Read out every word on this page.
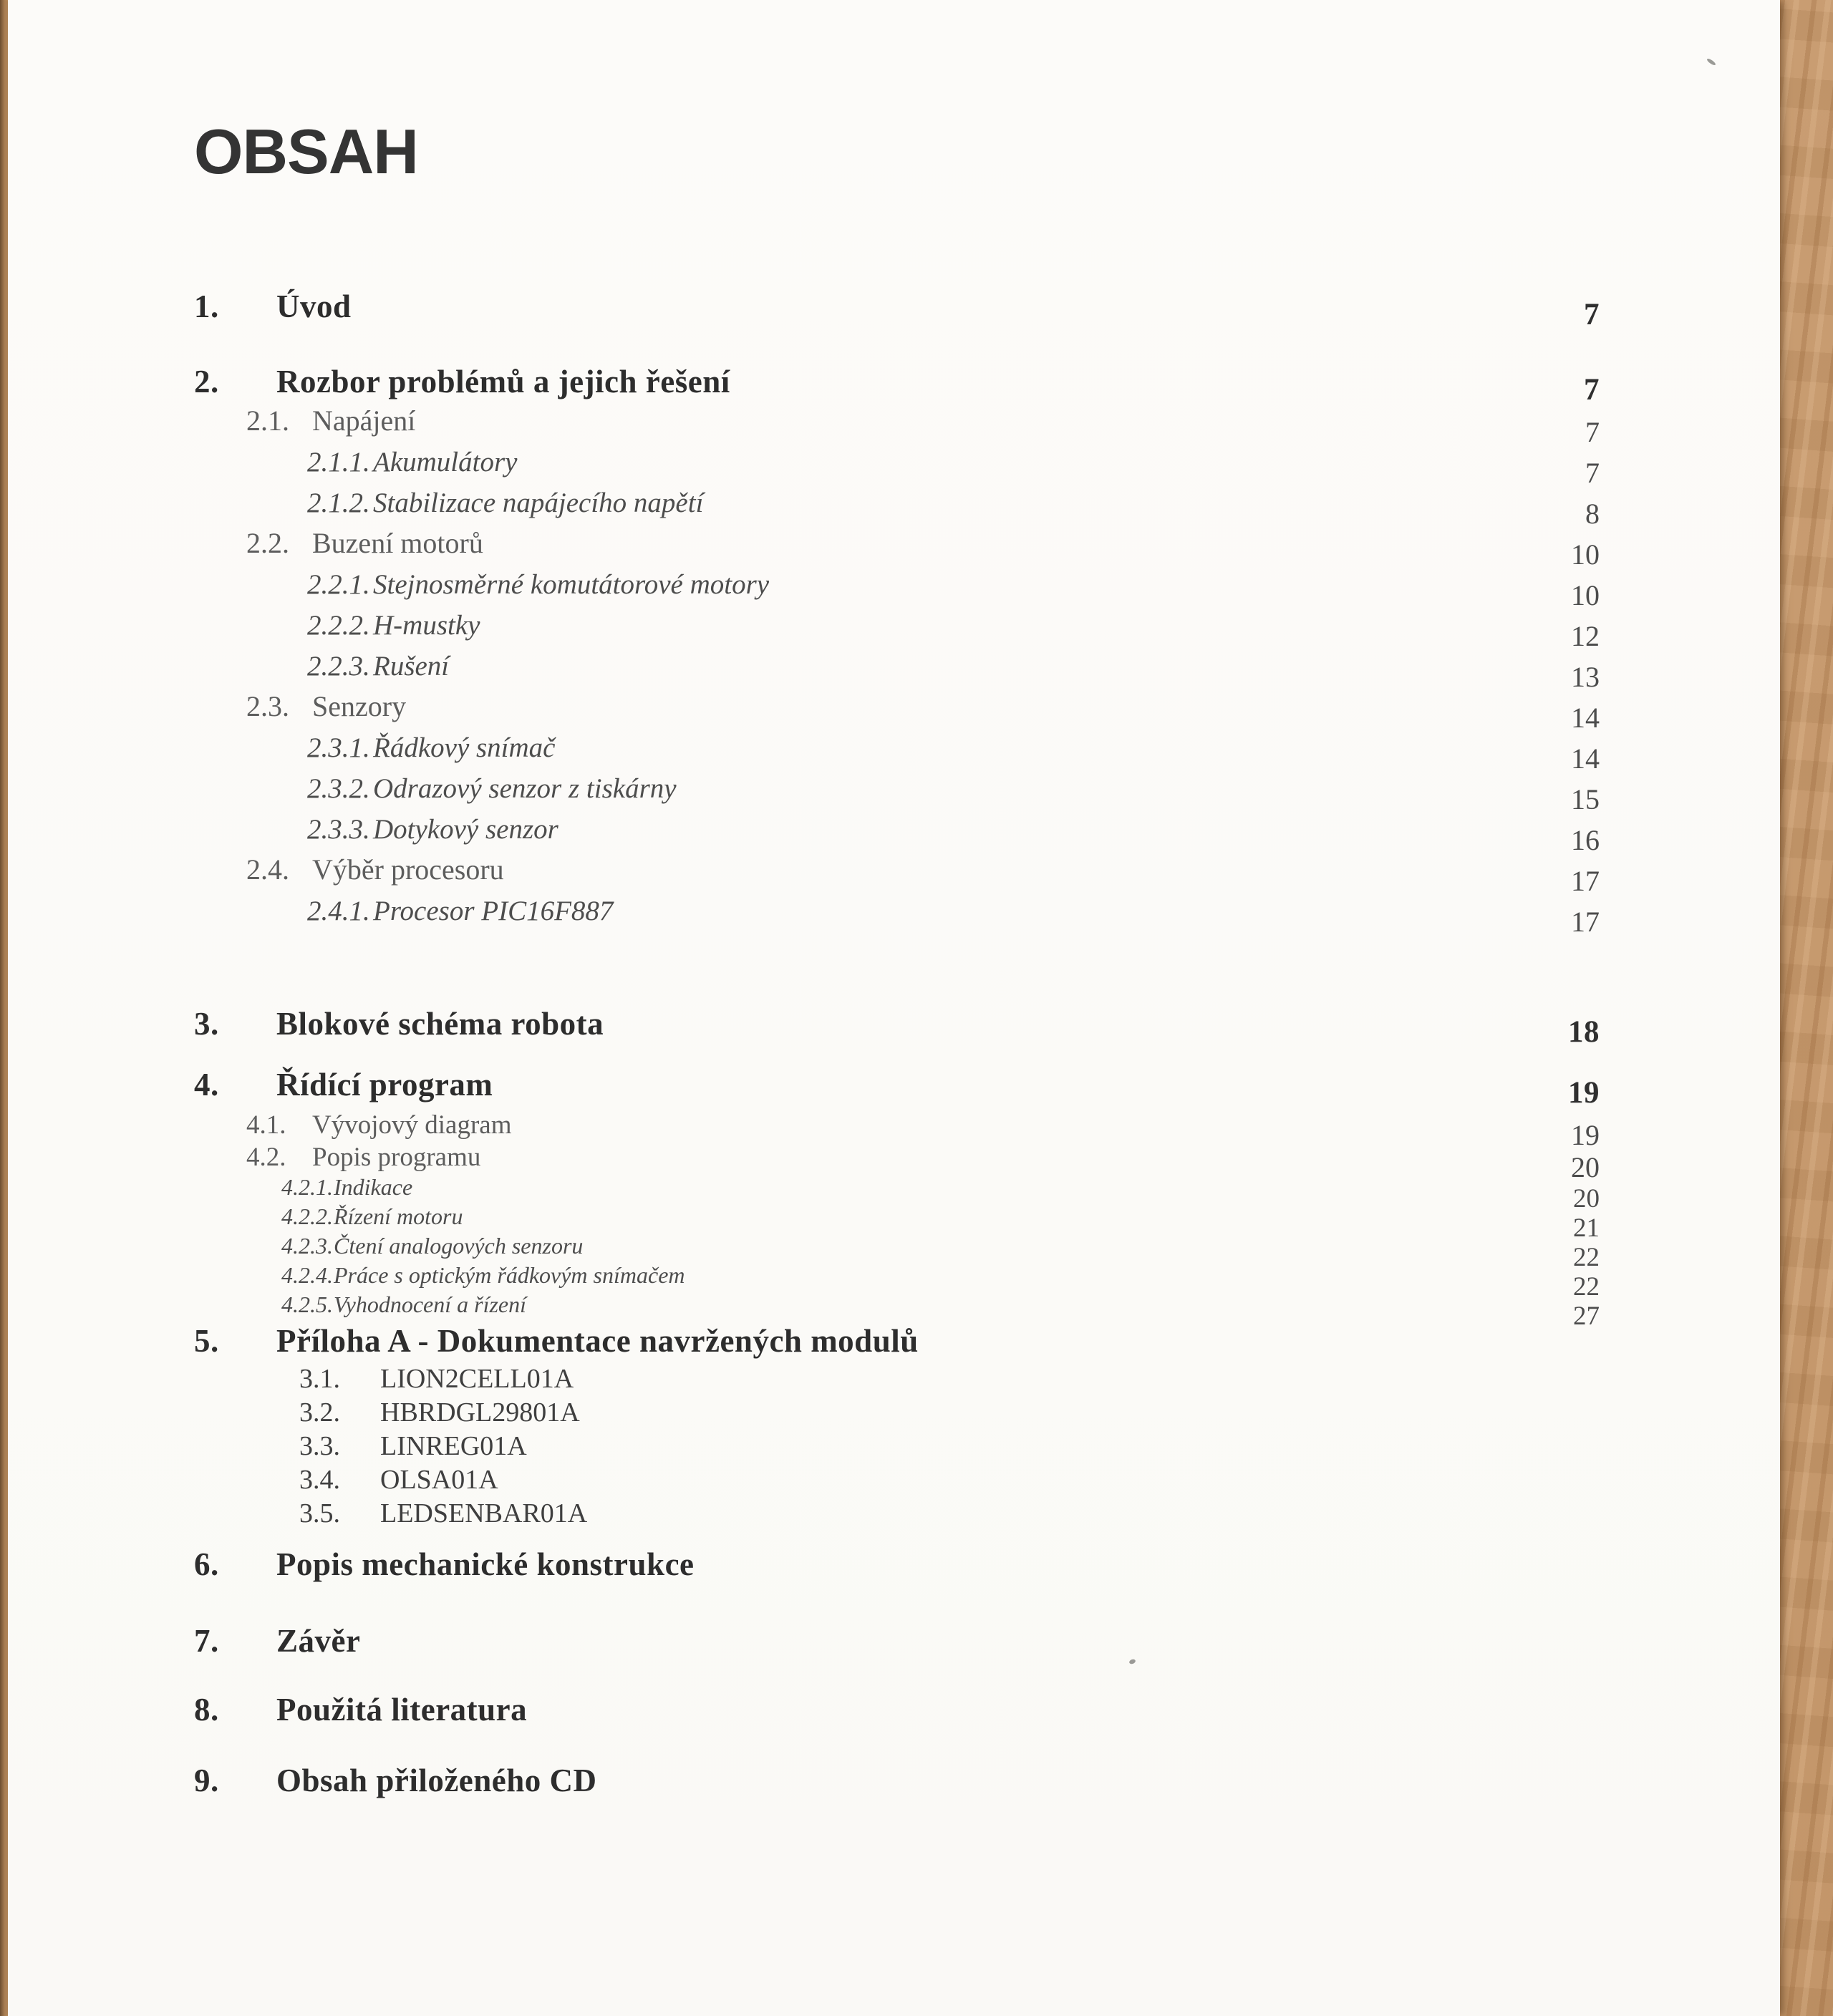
OBSAH
1.	Úvod	7
2.	Rozbor problémů a jejich řešení	7
2.1. Napájení	7
2.1.1. Akumulátory	7
2.1.2. Stabilizace napájecího napětí	8
2.2. Buzení motorů	10
2.2.1. Stejnosměrné komutátorové motory	10
2.2.2. H-mustky	12
2.2.3. Rušení	13
2.3. Senzory	14
2.3.1. Řádkový snímač	14
2.3.2. Odrazový senzor z tiskárny	15
2.3.3. Dotykový senzor	16
2.4. Výběr procesoru	17
2.4.1. Procesor PIC16F887	17
3.	Blokové schéma robota	18
4.	Řídící program	19
4.1. Vývojový diagram	19
4.2. Popis programu	20
4.2.1. Indikace	20
4.2.2. Řízení motoru	21
4.2.3. Čtení analogových senzoru	22
4.2.4. Práce s optickým řádkovým snímačem	22
4.2.5. Vyhodnocení a řízení	27
5.	Příloha A - Dokumentace navržených modulů
3.1.	LION2CELL01A
3.2.	HBRDGL29801A
3.3.	LINREG01A
3.4.	OLSA01A
3.5.	LEDSENBAR01A
6.	Popis mechanické konstrukce
7.	Závěr
8.	Použitá literatura
9.	Obsah přiloženého CD
